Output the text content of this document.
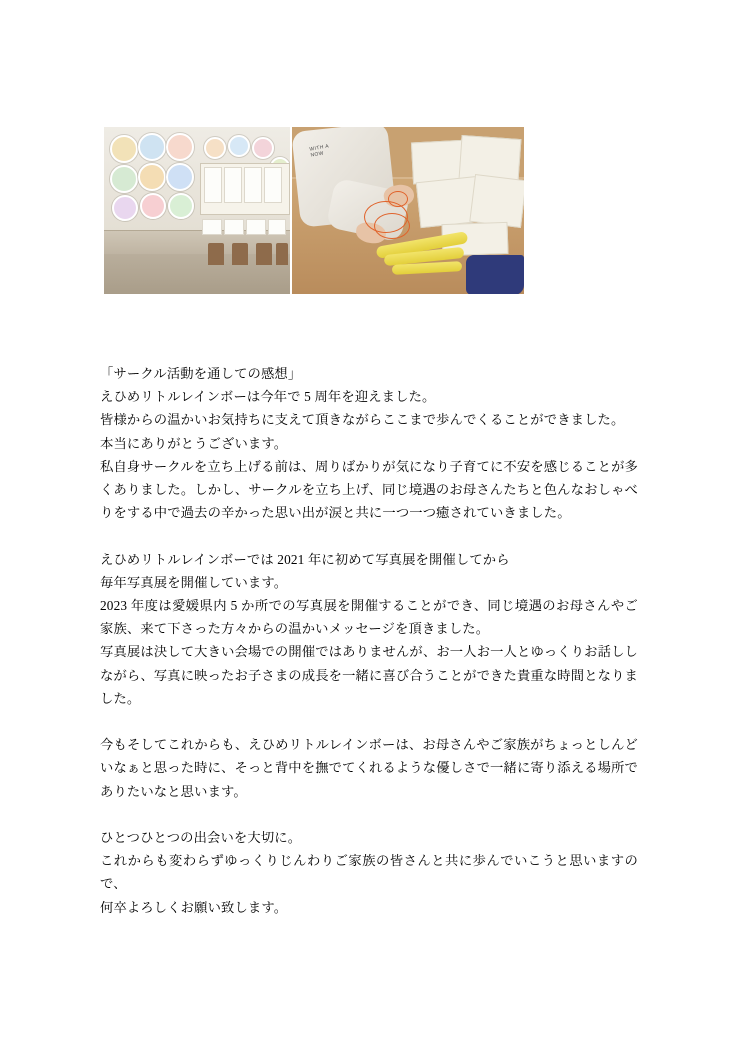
WITH A
NOW

「サークル活動を通しての感想」

えひめリトルレインボーは今年で 5 周年を迎えました。

皆様からの温かいお気持ちに支えて頂きながらここまで歩んでくることができました。

本当にありがとうございます。

私自身サークルを立ち上げる前は、周りばかりが気になり子育てに不安を感じることが多くありました。しかし、サークルを立ち上げ、同じ境遇のお母さんたちと色んなおしゃべりをする中で過去の辛かった思い出が涙と共に一つ一つ癒されていきました。

えひめリトルレインボーでは 2021 年に初めて写真展を開催してから

毎年写真展を開催しています。

2023 年度は愛媛県内 5 か所での写真展を開催することができ、同じ境遇のお母さんやご家族、来て下さった方々からの温かいメッセージを頂きました。

写真展は決して大きい会場での開催ではありませんが、お一人お一人とゆっくりお話ししながら、写真に映ったお子さまの成長を一緒に喜び合うことができた貴重な時間となりました。

今もそしてこれからも、えひめリトルレインボーは、お母さんやご家族がちょっとしんどいなぁと思った時に、そっと背中を撫でてくれるような優しさで一緒に寄り添える場所でありたいなと思います。

ひとつひとつの出会いを大切に。

これからも変わらずゆっくりじんわりご家族の皆さんと共に歩んでいこうと思いますので、

何卒よろしくお願い致します。
